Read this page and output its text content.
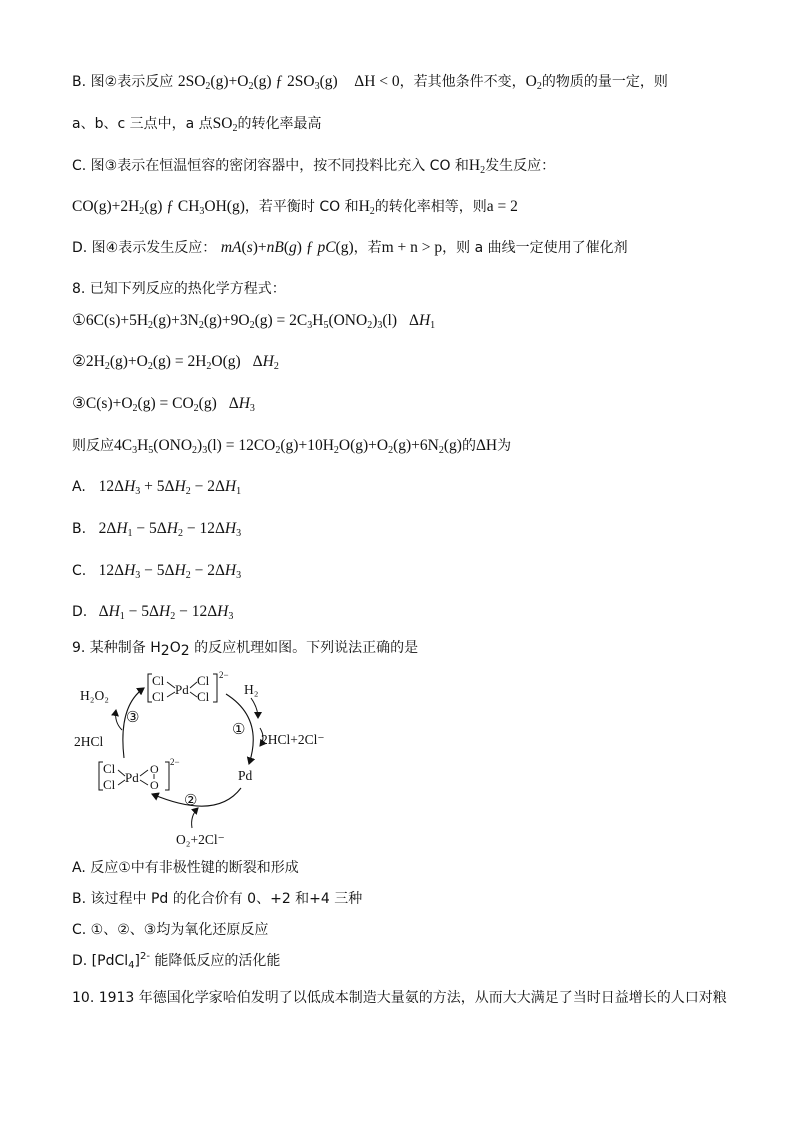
B. 图②表示反应 $2SO_2(g)+O_2(g)$ ƒ $2SO_3(g) \Delta H < 0$，若其他条件不变，$O_2$的物质的量一定，则
a、b、c 三点中，a 点$SO_2$的转化率最高
C. 图③表示在恒温恒容的密闭容器中，按不同投料比充入 CO 和$H_2$发生反应：
$CO(g)+2H_2(g)$ ƒ $CH_3OH(g)$，若平衡时 CO 和$H_2$的转化率相等，则a = 2
D. 图④表示发生反应： mA(s)+nB(g) ƒ pC(g)，若m + n > p，则 a 曲线一定使用了催化剂
8. 已知下列反应的热化学方程式：
$①6C(s)+5H_2(g)+3N_2(g)+9O_2(g) = 2C_3H_5(ONO_2)_3(l)$ $\Delta H_1$
$②2H_2(g)+O_2(g) = 2H_2O(g)$ $\Delta H_2$
$③C(s)+O_2(g) = CO_2(g)$ $\Delta H_3$
则反应$4C_3H_5(ONO_2)_3(l) = 12CO_2(g)+10H_2O(g)+O_2(g)+6N_2(g)$的ΔH为
A. $12\Delta H_3 + 5\Delta H_2 - 2\Delta H_1$
B. $2\Delta H_1 - 5\Delta H_2 - 12\Delta H_3$
C. $12\Delta H_3 - 5\Delta H_2 - 2\Delta H_3$
D. $\Delta H_1 - 5\Delta H_2 - 12\Delta H_3$
9. 某种制备 $H_2O_2$ 的反应机理如图。下列说法正确的是
Cl
Cl Pd
Cl
Cl
2−
Cl
Cl Pd
O
O
2−
H₂O₂	H₂
①
2HCl+2Cl⁻
2HCl
③
Pd
②
O₂+2Cl⁻
A. 反应①中有非极性键的断裂和形成
B. 该过程中 Pd 的化合价有 0、+2 和+4 三种
C. ①、②、③均为氧化还原反应
D. [PdCl$_4$]$^{2-}$ 能降低反应的活化能
10. 1913 年德国化学家哈伯发明了以低成本制造大量氨的方法，从而大大满足了当时日益增长的人口对粮
